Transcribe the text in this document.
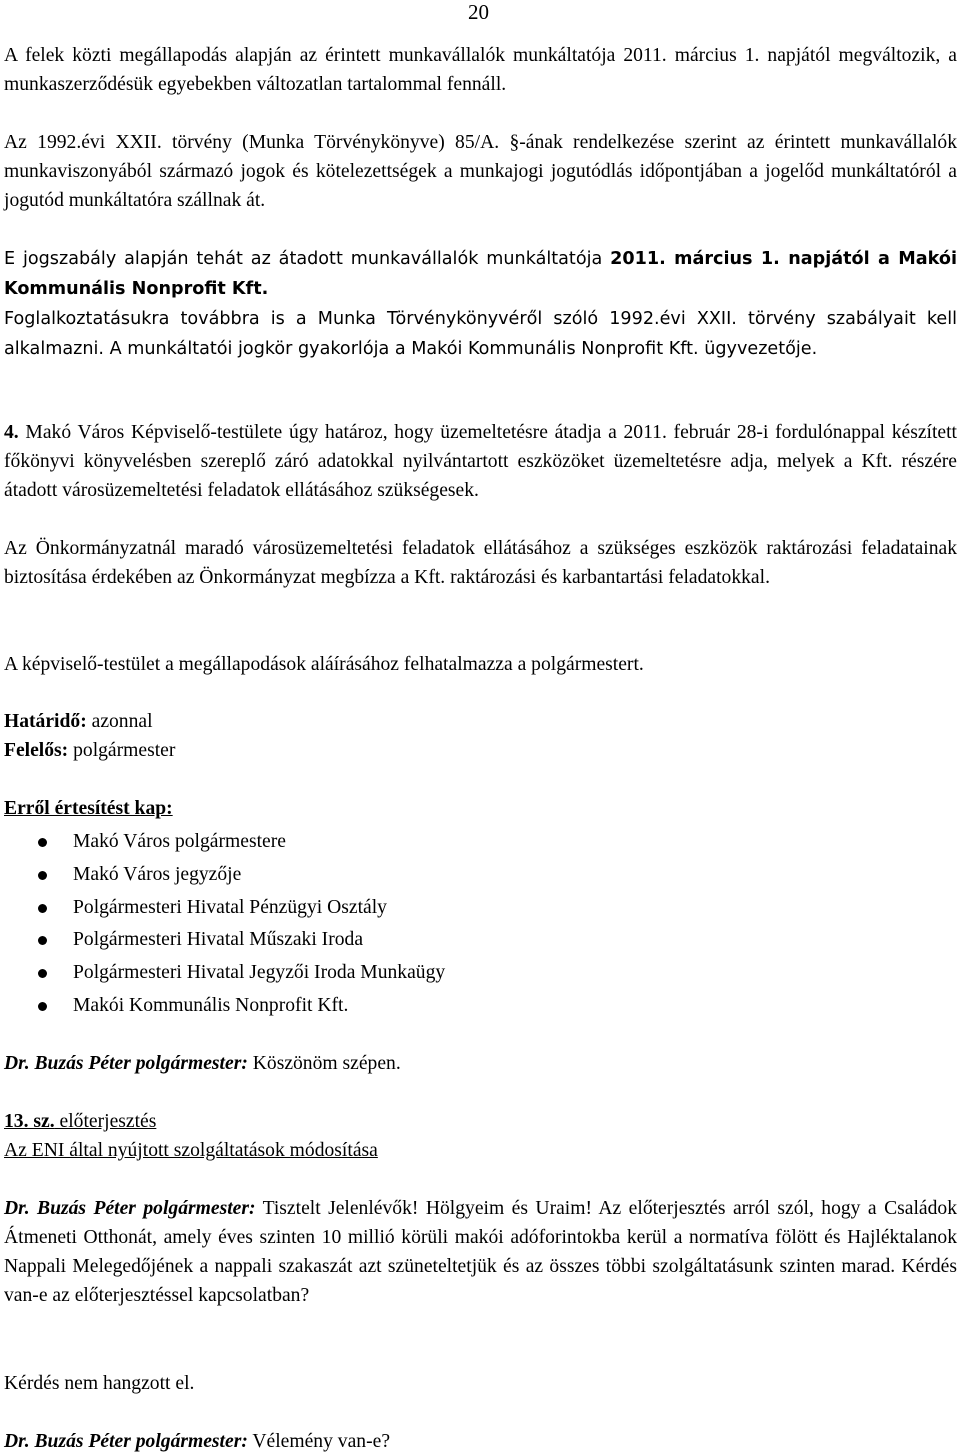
20

A felek közti megállapodás alapján az érintett munkavállalók munkáltatója 2011. március 1. napjától megváltozik, a munkaszerződésük egyebekben változatlan tartalommal fennáll.

Az 1992.évi XXII. törvény (Munka Törvénykönyve) 85/A. §-ának rendelkezése szerint az érintett munkavállalók munkaviszonyából származó jogok és kötelezettségek a munkajogi jogutódlás időpontjában a jogelőd munkáltatóról a jogutód munkáltatóra szállnak át.

E jogszabály alapján tehát az átadott munkavállalók munkáltatója 2011. március 1. napjától a Makói Kommunális Nonprofit Kft.
Foglalkoztatásukra továbbra is a Munka Törvénykönyvéről szóló 1992.évi XXII. törvény szabályait kell alkalmazni. A munkáltatói jogkör gyakorlója a Makói Kommunális Nonprofit Kft. ügyvezetője.

4. Makó Város Képviselő-testülete úgy határoz, hogy üzemeltetésre átadja a 2011. február 28-i fordulónappal készített főkönyvi könyvelésben szereplő záró adatokkal nyilvántartott eszközöket üzemeltetésre adja, melyek a Kft. részére átadott városüzemeltetési feladatok ellátásához szükségesek.

Az Önkormányzatnál maradó városüzemeltetési feladatok ellátásához a szükséges eszközök raktározási feladatainak biztosítása érdekében az Önkormányzat megbízza a Kft. raktározási és karbantartási feladatokkal.

A képviselő-testület a megállapodások aláírásához felhatalmazza a polgármestert.

Határidő: azonnal

Felelős: polgármester

Erről értesítést kap:

Makó Város polgármestere
Makó Város jegyzője
Polgármesteri Hivatal Pénzügyi Osztály
Polgármesteri Hivatal Műszaki Iroda
Polgármesteri Hivatal Jegyzői Iroda Munkaügy
Makói Kommunális Nonprofit Kft.

Dr. Buzás Péter polgármester: Köszönöm szépen.

13. sz. előterjesztés

Az ENI által nyújtott szolgáltatások módosítása

Dr. Buzás Péter polgármester: Tisztelt Jelenlévők! Hölgyeim és Uraim! Az előterjesztés arról szól, hogy a Családok Átmeneti Otthonát, amely éves szinten 10 millió körüli makói adóforintokba kerül a normatíva fölött és Hajléktalanok Nappali Melegedőjének a nappali szakaszát azt szüneteltetjük és az összes többi szolgáltatásunk szinten marad. Kérdés van-e az előterjesztéssel kapcsolatban?

Kérdés nem hangzott el.

Dr. Buzás Péter polgármester: Vélemény van-e?
